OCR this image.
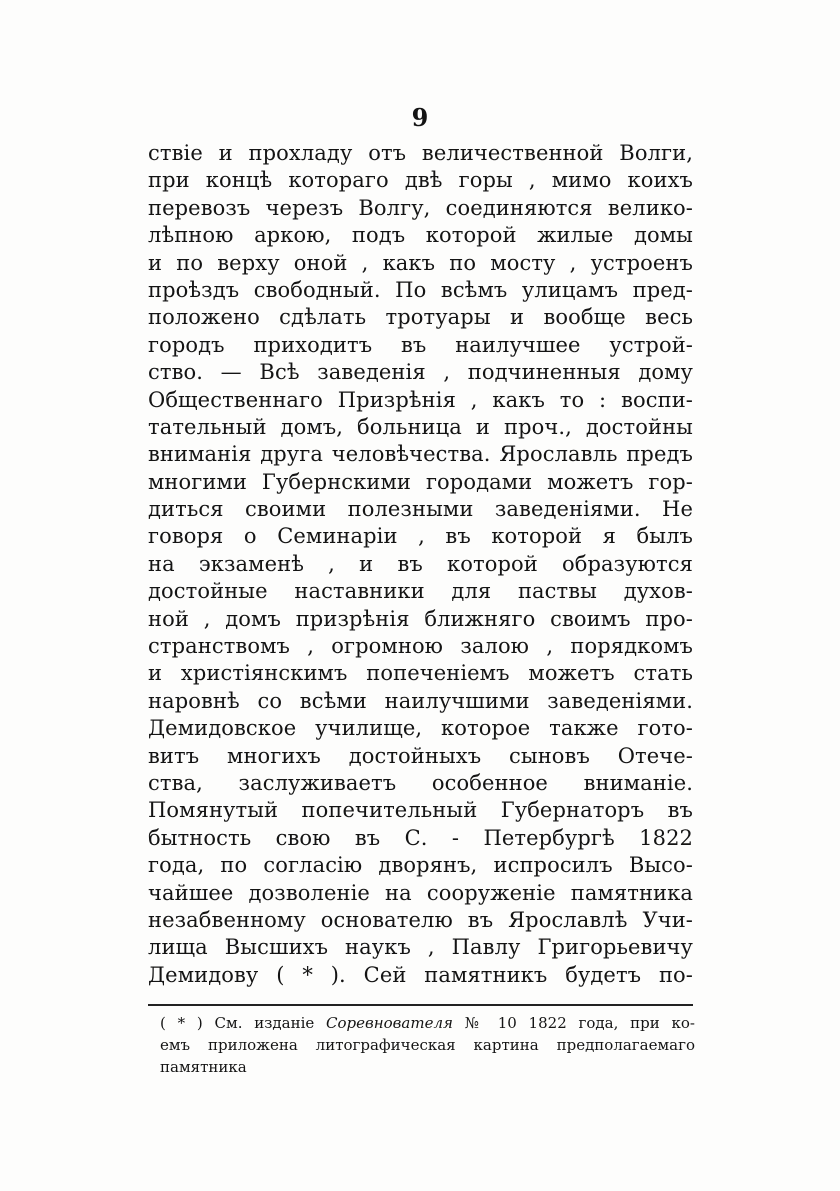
9
ствіе и прохладу отъ величественной Волги,
при концѣ котораго двѣ горы , мимо коихъ
перевозъ черезъ Волгу, соединяются велико-
лѣпною аркою, подъ которой жилые домы
и по верху оной , какъ по мосту , устроенъ
проѣздъ свободный. По всѣмъ улицамъ пред-
положено сдѣлать тротуары и вообще весь
городъ приходитъ въ наилучшее устрой-
ство. — Всѣ заведенія , подчиненныя дому
Общественнаго Призрѣнія , какъ то : воспи-
тательный домъ, больница и проч., достойны
вниманія друга человѣчества. Ярославль предъ
многими Губернскими городами можетъ гор-
диться своими полезными заведеніями. Не
говоря о Семинаріи , въ которой я былъ
на экзаменѣ , и въ которой образуются
достойные наставники для паствы духов-
ной , домъ призрѣнія ближняго своимъ про-
странствомъ , огромною залою , порядкомъ
и христіянскимъ попеченіемъ можетъ стать
наровнѣ со всѣми наилучшими заведеніями.
Демидовское училище, которое также гото-
витъ многихъ достойныхъ сыновъ Отече-
ства, заслуживаетъ особенное вниманіе.
Помянутый попечительный Губернаторъ въ
бытность свою въ С. - Петербургѣ 1822
года, по согласію дворянъ, испросилъ Высо-
чайшее дозволеніе на сооруженіе памятника
незабвенному основателю въ Ярославлѣ Учи-
лища Высшихъ наукъ , Павлу Григорьевичу
Демидову ( * ). Сей памятникъ будетъ по-
( * ) См. изданіе Соревнователя № 10 1822 года, при ко-
емъ приложена литографическая картина предполагаемаго
памятника
